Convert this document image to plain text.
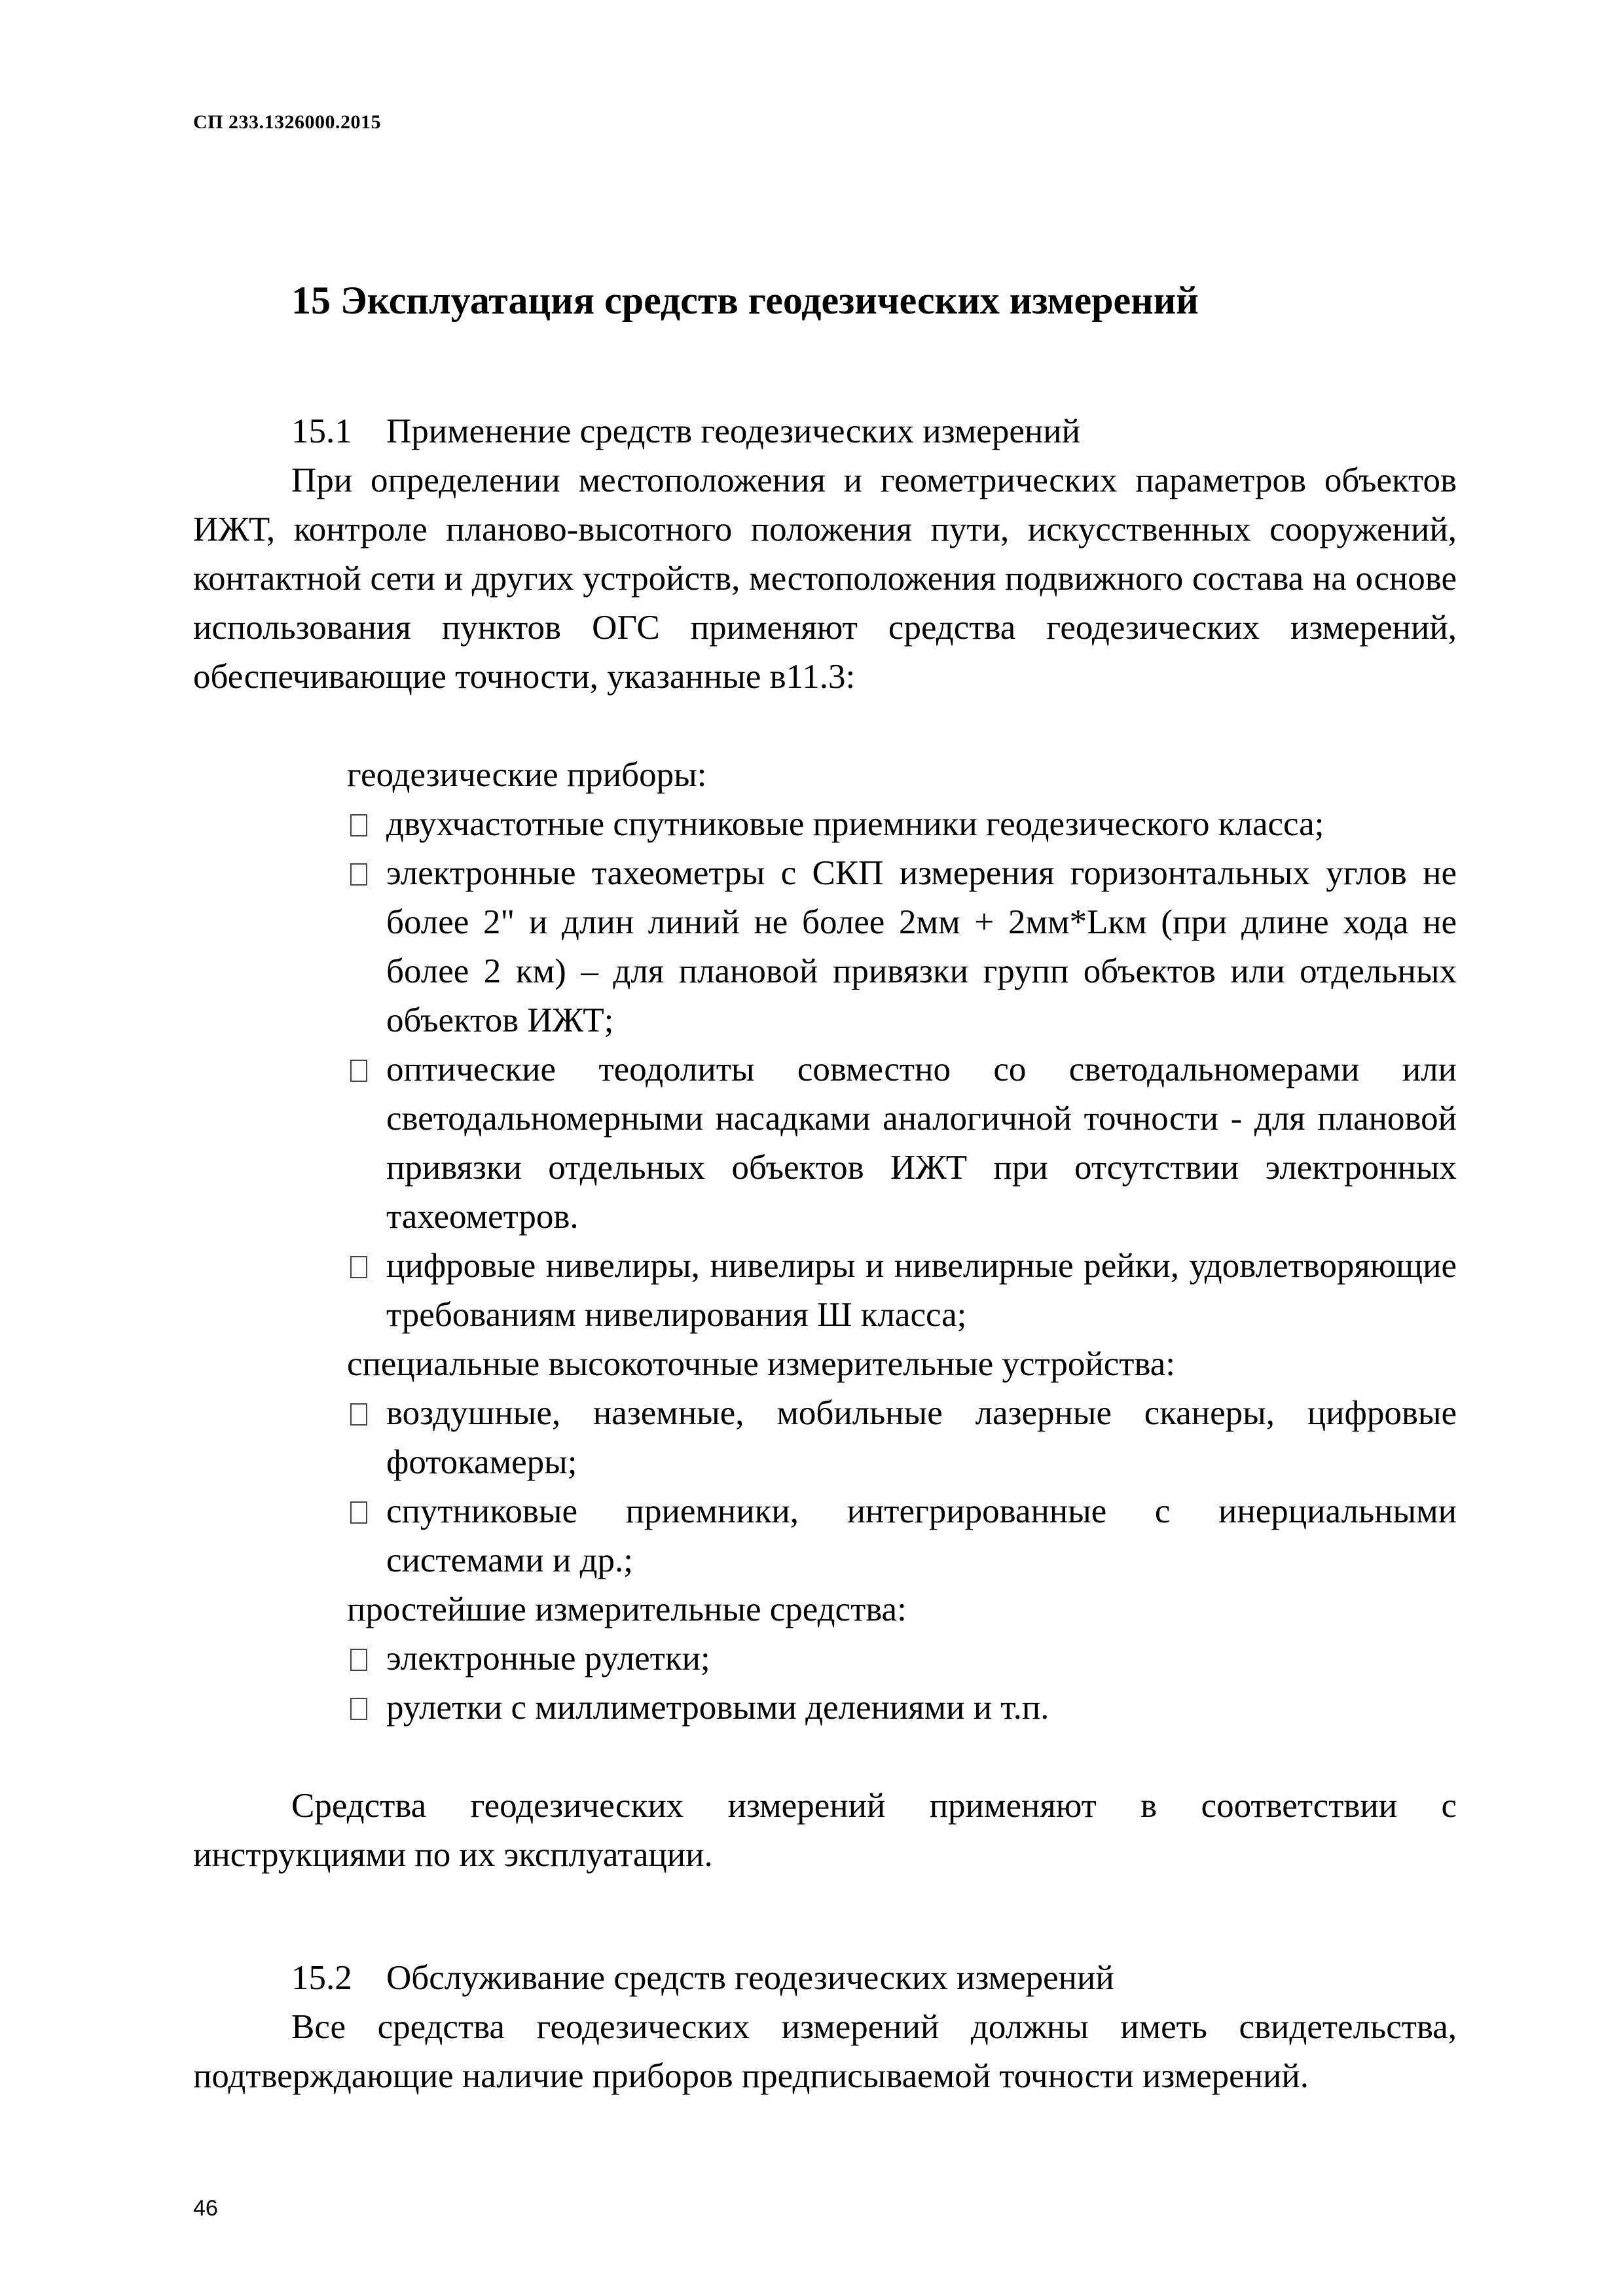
СП 233.1326000.2015
15 Эксплуатация средств геодезических измерений
15.1 Применение средств геодезических измерений
При определении местоположения и геометрических параметров объектов ИЖТ, контроле планово-высотного положения пути, искусственных сооружений, контактной сети и других устройств, местоположения подвижного состава на основе использования пунктов ОГС применяют средства геодезических измерений, обеспечивающие точности, указанные в11.3:
геодезические приборы:
двухчастотные спутниковые приемники геодезического класса;
электронные тахеометры с СКП измерения горизонтальных углов не более 2" и длин линий не более 2мм + 2мм*Lкм (при длине хода не более 2 км) – для плановой привязки групп объектов или отдельных объектов ИЖТ;
оптические теодолиты совместно со светодальномерами или светодальномерными насадками аналогичной точности - для плановой привязки отдельных объектов ИЖТ при отсутствии электронных тахеометров.
цифровые нивелиры, нивелиры и нивелирные рейки, удовлетворяющие требованиям нивелирования Ш класса;
специальные высокоточные измерительные устройства:
воздушные, наземные, мобильные лазерные сканеры, цифровые фотокамеры;
спутниковые приемники, интегрированные с инерциальными системами и др.;
простейшие измерительные средства:
электронные рулетки;
рулетки с миллиметровыми делениями и т.п.
Средства геодезических измерений применяют в соответствии с инструкциями по их эксплуатации.
15.2 Обслуживание средств геодезических измерений
Все средства геодезических измерений должны иметь свидетельства, подтверждающие наличие приборов предписываемой точности измерений.
46
